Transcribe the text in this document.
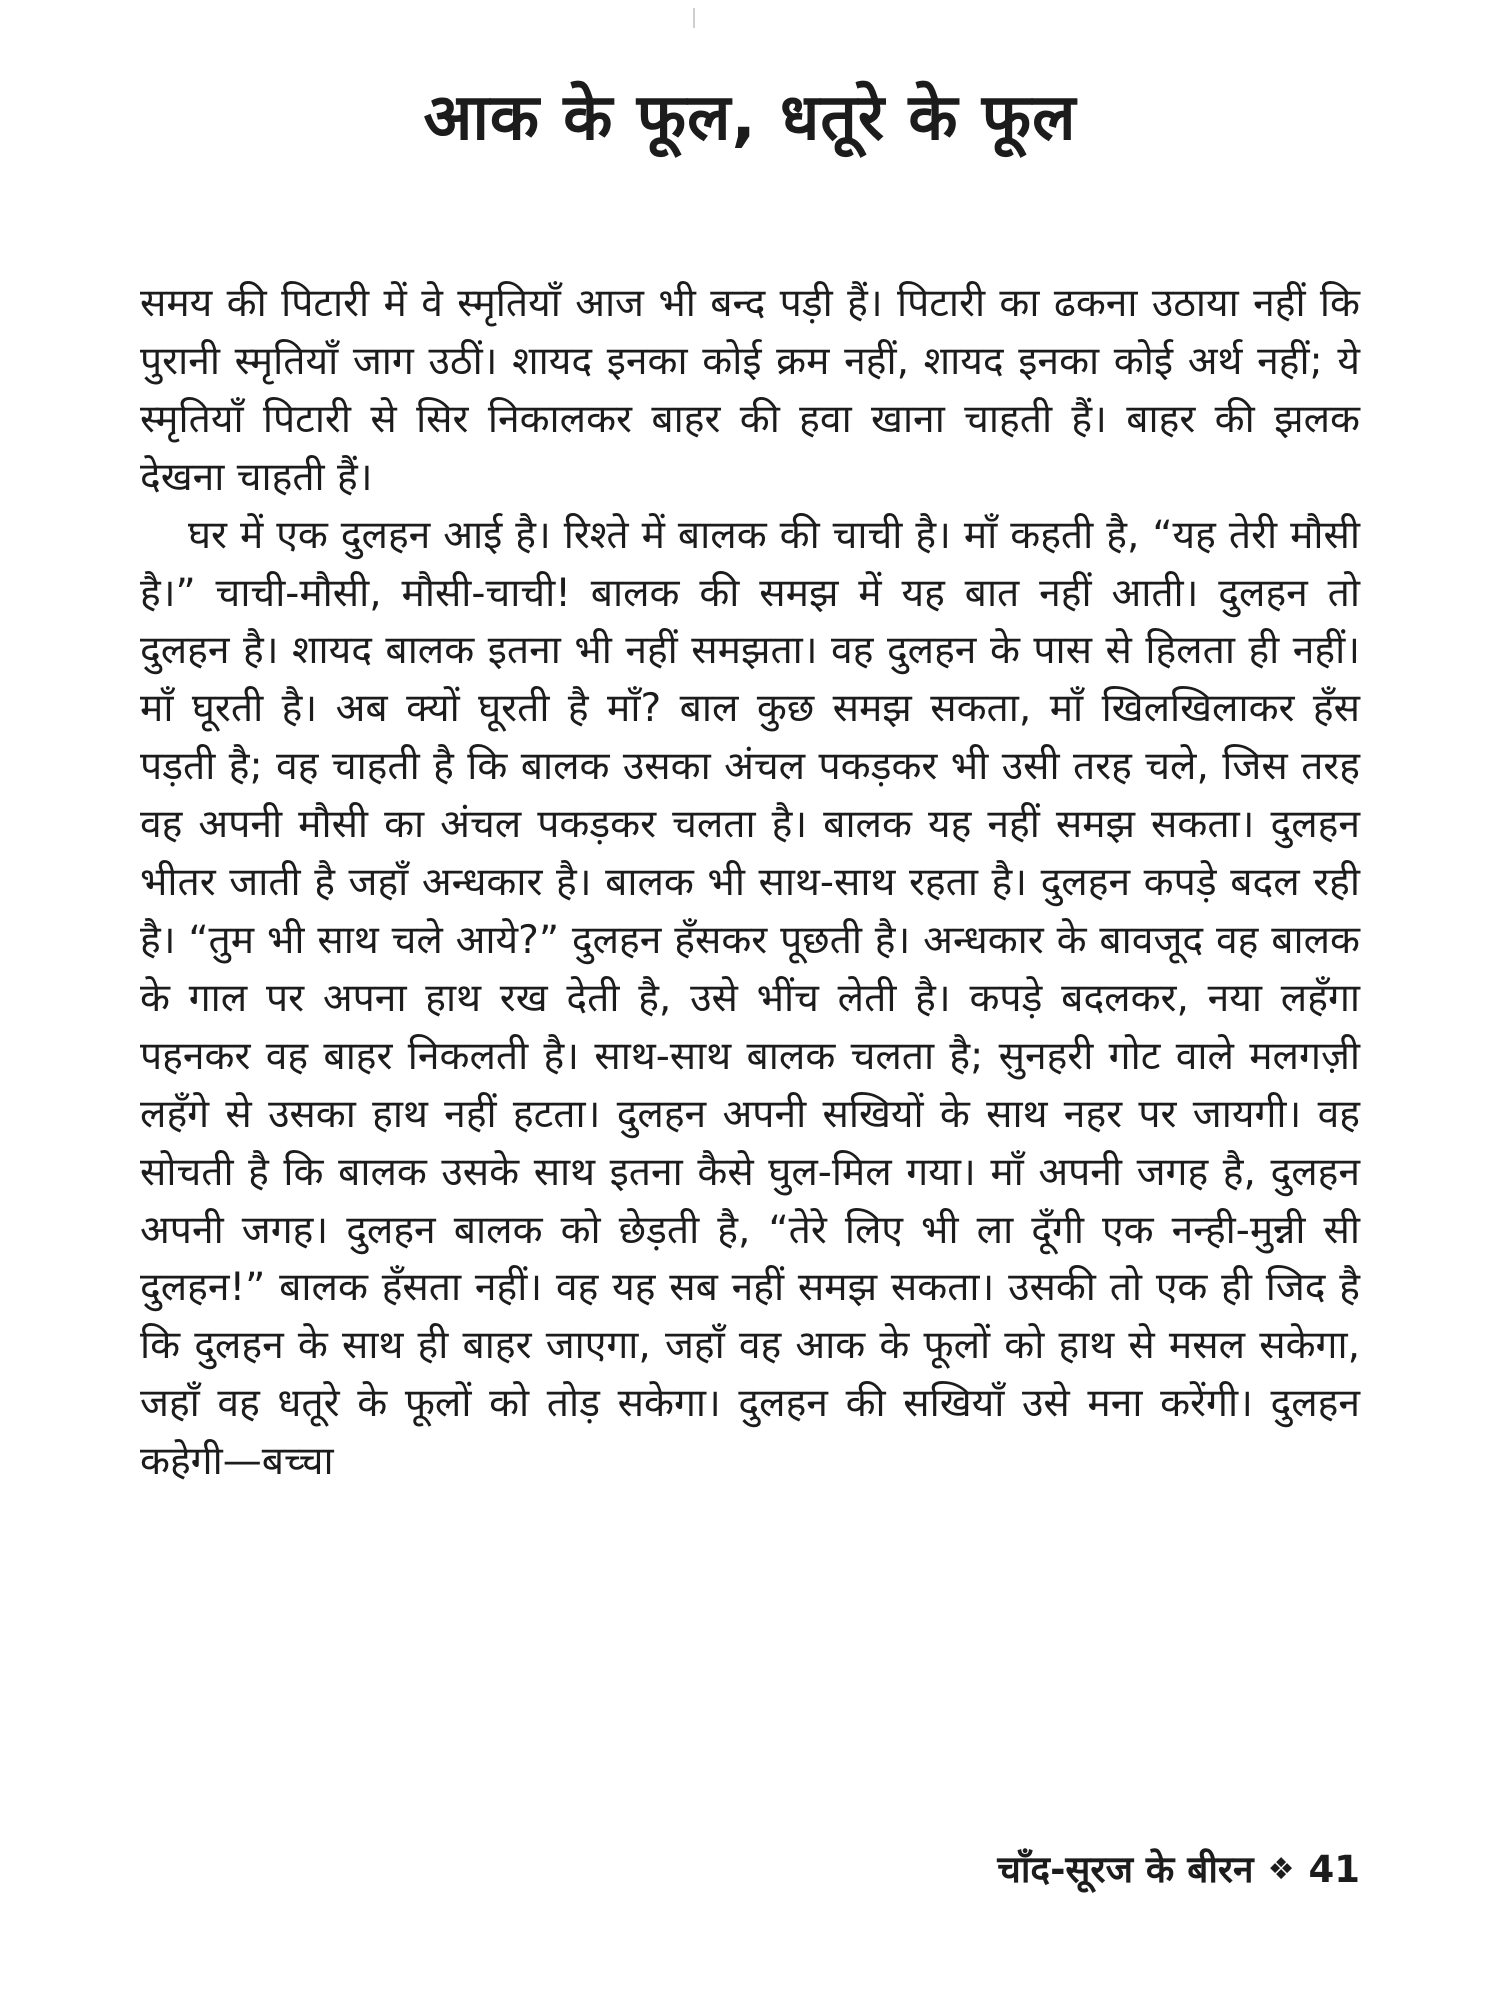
आक के फूल, धतूरे के फूल

समय की पिटारी में वे स्मृतियाँ आज भी बन्द पड़ी हैं। पिटारी का ढकना उठाया नहीं कि पुरानी स्मृतियाँ जाग उठीं। शायद इनका कोई क्रम नहीं, शायद इनका कोई अर्थ नहीं; ये स्मृतियाँ पिटारी से सिर निकालकर बाहर की हवा खाना चाहती हैं। बाहर की झलक देखना चाहती हैं।

घर में एक दुलहन आई है। रिश्ते में बालक की चाची है। माँ कहती है, “यह तेरी मौसी है।” चाची-मौसी, मौसी-चाची! बालक की समझ में यह बात नहीं आती। दुलहन तो दुलहन है। शायद बालक इतना भी नहीं समझता। वह दुलहन के पास से हिलता ही नहीं। माँ घूरती है। अब क्यों घूरती है माँ? बाल कुछ समझ सकता, माँ खिलखिलाकर हँस पड़ती है; वह चाहती है कि बालक उसका अंचल पकड़कर भी उसी तरह चले, जिस तरह वह अपनी मौसी का अंचल पकड़कर चलता है। बालक यह नहीं समझ सकता। दुलहन भीतर जाती है जहाँ अन्धकार है। बालक भी साथ-साथ रहता है। दुलहन कपड़े बदल रही है। “तुम भी साथ चले आये?” दुलहन हँसकर पूछती है। अन्धकार के बावजूद वह बालक के गाल पर अपना हाथ रख देती है, उसे भींच लेती है। कपड़े बदलकर, नया लहँगा पहनकर वह बाहर निकलती है। साथ-साथ बालक चलता है; सुनहरी गोट वाले मलगज़ी लहँगे से उसका हाथ नहीं हटता। दुलहन अपनी सखियों के साथ नहर पर जायगी। वह सोचती है कि बालक उसके साथ इतना कैसे घुल-मिल गया। माँ अपनी जगह है, दुलहन अपनी जगह। दुलहन बालक को छेड़ती है, “तेरे लिए भी ला दूँगी एक नन्ही-मुन्नी सी दुलहन!” बालक हँसता नहीं। वह यह सब नहीं समझ सकता। उसकी तो एक ही जिद है कि दुलहन के साथ ही बाहर जाएगा, जहाँ वह आक के फूलों को हाथ से मसल सकेगा, जहाँ वह धतूरे के फूलों को तोड़ सकेगा। दुलहन की सखियाँ उसे मना करेंगी। दुलहन कहेगी—बच्चा

चाँद-सूरज के बीरन ❖ 41
